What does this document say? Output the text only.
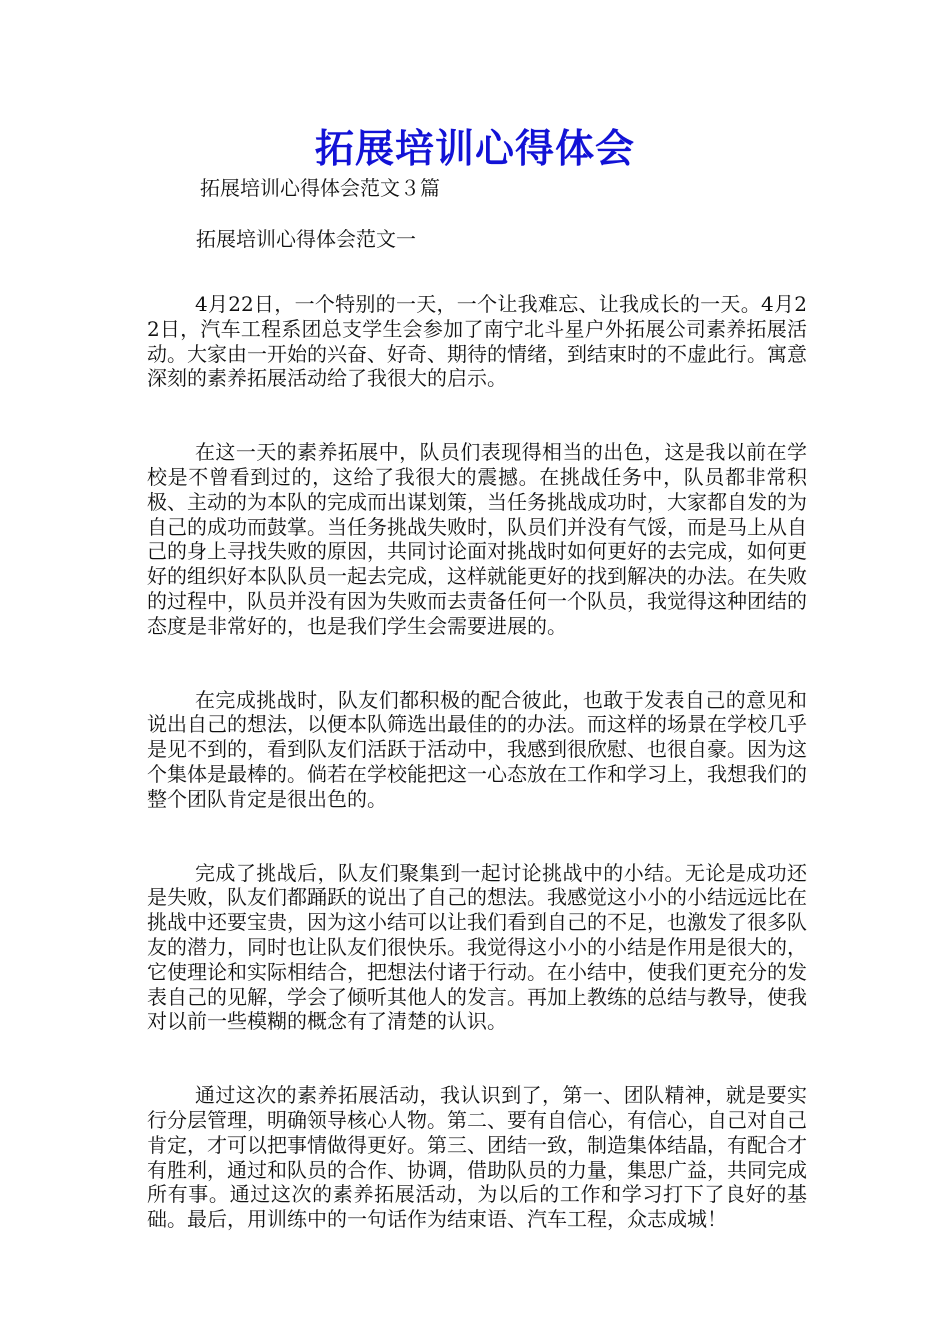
拓展培训心得体会

拓展培训心得体会范文３篇

拓展培训心得体会范文一

4月22日，一个特别的一天，一个让我难忘、让我成长的一天。4月22日，汽车工程系团总支学生会参加了南宁北斗星户外拓展公司素养拓展活动。大家由一开始的兴奋、好奇、期待的情绪，到结束时的不虚此行。寓意深刻的素养拓展活动给了我很大的启示。

在这一天的素养拓展中，队员们表现得相当的出色，这是我以前在学校是不曾看到过的，这给了我很大的震撼。在挑战任务中，队员都非常积极、主动的为本队的完成而出谋划策，当任务挑战成功时，大家都自发的为自己的成功而鼓掌。当任务挑战失败时，队员们并没有气馁，而是马上从自己的身上寻找失败的原因，共同讨论面对挑战时如何更好的去完成，如何更好的组织好本队队员一起去完成，这样就能更好的找到解决的办法。在失败的过程中，队员并没有因为失败而去责备任何一个队员，我觉得这种团结的态度是非常好的，也是我们学生会需要进展的。

在完成挑战时，队友们都积极的配合彼此，也敢于发表自己的意见和说出自己的想法，以便本队筛选出最佳的的办法。而这样的场景在学校几乎是见不到的，看到队友们活跃于活动中，我感到很欣慰、也很自豪。因为这个集体是最棒的。倘若在学校能把这一心态放在工作和学习上，我想我们的整个团队肯定是很出色的。

完成了挑战后，队友们聚集到一起讨论挑战中的小结。无论是成功还是失败，队友们都踊跃的说出了自己的想法。我感觉这小小的小结远远比在挑战中还要宝贵，因为这小结可以让我们看到自己的不足，也激发了很多队友的潜力，同时也让队友们很快乐。我觉得这小小的小结是作用是很大的，它使理论和实际相结合，把想法付诸于行动。在小结中，使我们更充分的发表自己的见解，学会了倾听其他人的发言。再加上教练的总结与教导，使我对以前一些模糊的概念有了清楚的认识。

通过这次的素养拓展活动，我认识到了，第一、团队精神，就是要实行分层管理，明确领导核心人物。第二、要有自信心，有信心，自己对自己肯定，才可以把事情做得更好。第三、团结一致，制造集体结晶，有配合才有胜利，通过和队员的合作、协调，借助队员的力量，集思广益，共同完成所有事。通过这次的素养拓展活动，为以后的工作和学习打下了良好的基础。最后，用训练中的一句话作为结束语、汽车工程，众志成城！
